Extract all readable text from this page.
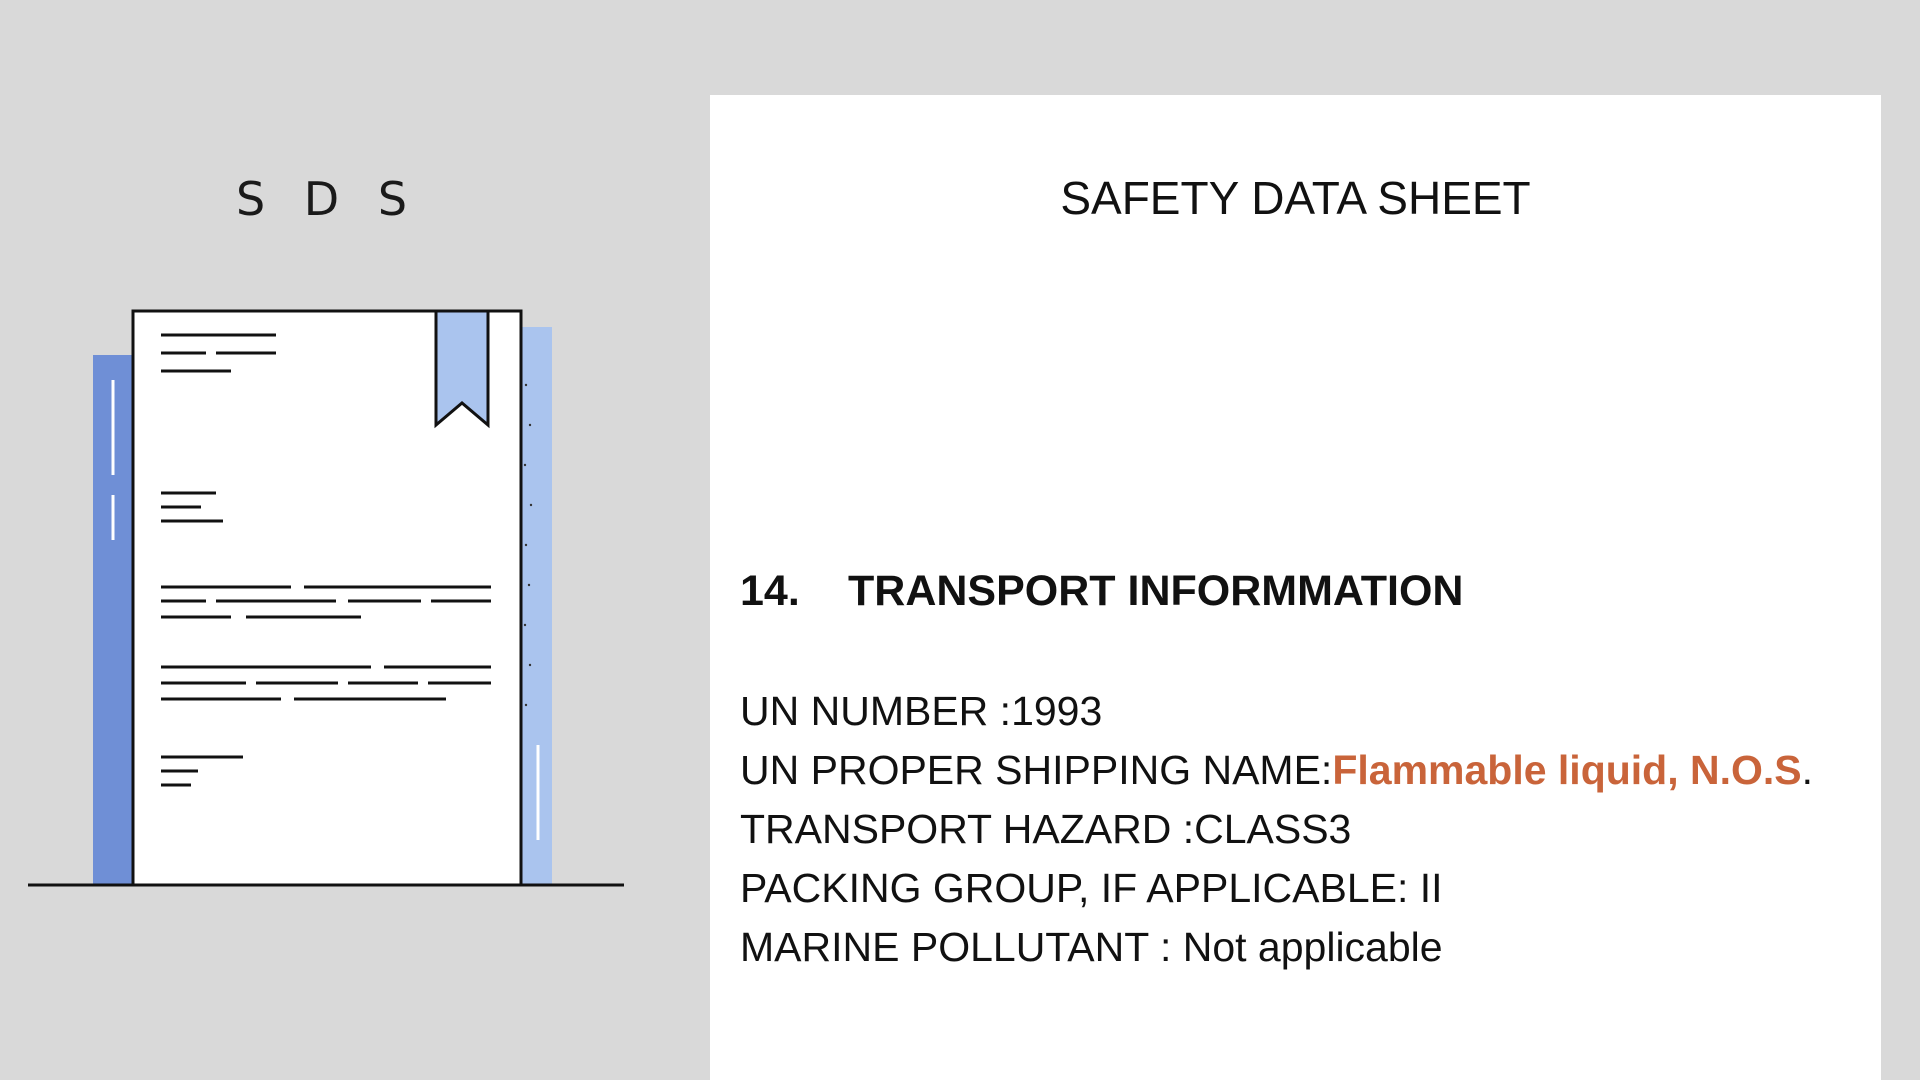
S D S	SAFETY DATA SHEET
14. TRANSPORT INFORMMATION
UN NUMBER :1993
UN PROPER SHIPPING NAME:Flammable liquid, N.O.S.
TRANSPORT HAZARD :CLASS3
PACKING GROUP, IF APPLICABLE: II
MARINE POLLUTANT : Not applicable
